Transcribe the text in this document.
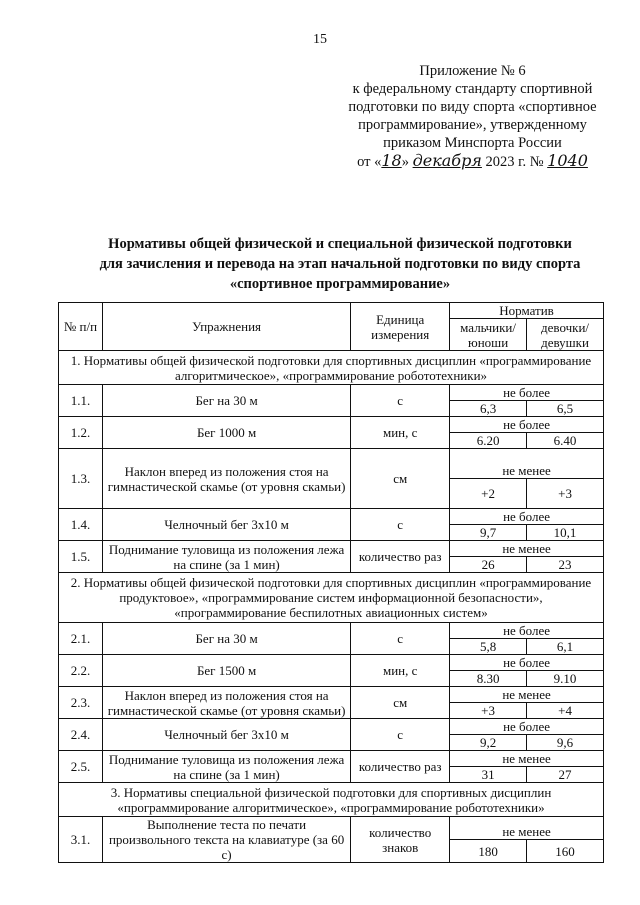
15
Приложение № 6
к федеральному стандарту спортивной
подготовки по виду спорта «спортивное
программирование», утвержденному
приказом Минспорта России
от «18» декабря 2023 г. № 1040
Нормативы общей физической и специальной физической подготовки
для зачисления и перевода на этап начальной подготовки по виду спорта
«спортивное программирование»
№ п/п	Упражнения	Единица измерения	Норматив	
			мальчики/ юноши	девочки/ девушки
1. Нормативы общей физической подготовки для спортивных дисциплин «программирование алгоритмическое», «программирование робототехники»				
1.1.	Бег на 30 м	с	не более	
			6,3	6,5
1.2.	Бег 1000 м	мин, с	не более	
			6.20	6.40
1.3.	Наклон вперед из положения стоя на гимнастической скамье (от уровня скамьи)	см	не менее	
			+2	+3
1.4.	Челночный бег 3х10 м	с	не более	
			9,7	10,1
1.5.	Поднимание туловища из положения лежа на спине (за 1 мин)	количество раз	не менее	
			26	23
2. Нормативы общей физической подготовки для спортивных дисциплин «программирование продуктовое», «программирование систем информационной безопасности», «программирование беспилотных авиационных систем»				
2.1.	Бег на 30 м	с	не более	
			5,8	6,1
2.2.	Бег 1500 м	мин, с	не более	
			8.30	9.10
2.3.	Наклон вперед из положения стоя на гимнастической скамье (от уровня скамьи)	см	не менее	
			+3	+4
2.4.	Челночный бег 3х10 м	с	не более	
			9,2	9,6
2.5.	Поднимание туловища из положения лежа на спине (за 1 мин)	количество раз	не менее	
			31	27
3. Нормативы специальной физической подготовки для спортивных дисциплин «программирование алгоритмическое», «программирование робототехники»				
3.1.	Выполнение теста по печати произвольного текста на клавиатуре (за 60 с)	количество знаков	не менее	
			180	160
